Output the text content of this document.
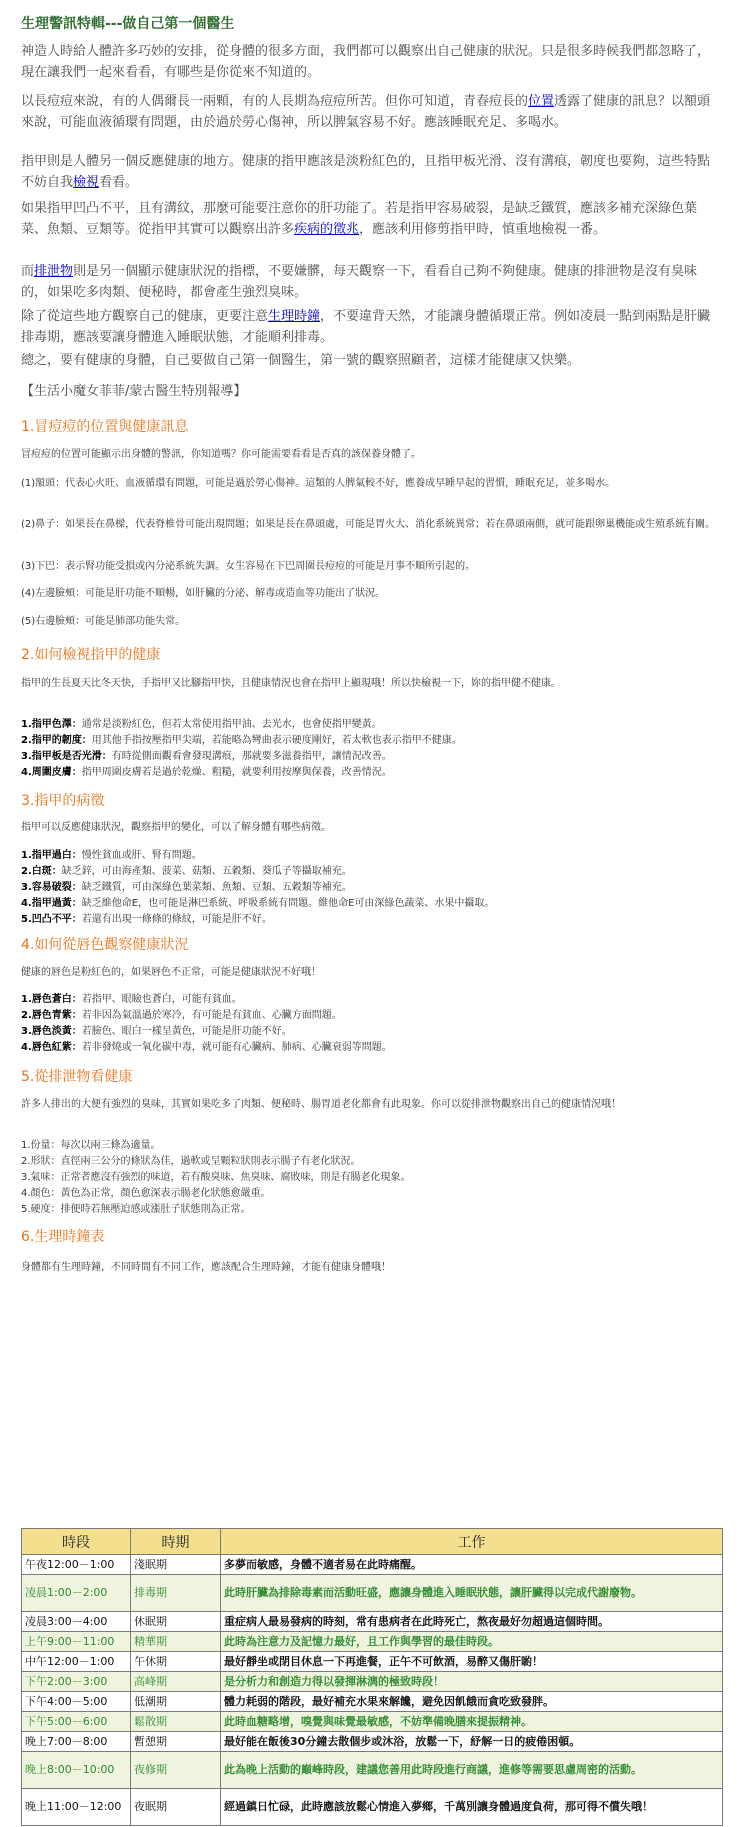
生理警訊特輯---做自己第一個醫生

神造人時給人體許多巧妙的安排，從身體的很多方面，我們都可以觀察出自己健康的狀況。只是很多時候我們都忽略了，現在讓我們一起來看看，有哪些是你從來不知道的。

以長痘痘來說，有的人偶爾長一兩顆，有的人長期為痘痘所苦。但你可知道，青春痘長的位置透露了健康的訊息？以額頭來說，可能血液循環有問題，由於過於勞心傷神，所以脾氣容易不好。應該睡眠充足、多喝水。

指甲則是人體另一個反應健康的地方。健康的指甲應該是淡粉紅色的，且指甲板光滑、沒有溝痕，韌度也要夠，這些特點不妨自我檢視看看。

如果指甲凹凸不平，且有溝紋，那麼可能要注意你的肝功能了。若是指甲容易破裂，是缺乏鐵質，應該多補充深綠色葉菜、魚類、豆類等。從指甲其實可以觀察出許多疾病的徵兆，應該利用修剪指甲時，慎重地檢視一番。

而排泄物則是另一個顯示健康狀況的指標，不要嫌髒，每天觀察一下，看看自己夠不夠健康。健康的排泄物是沒有臭味的，如果吃多肉類、便秘時，都會產生強烈臭味。

除了從這些地方觀察自己的健康，更要注意生理時鐘，不要違背天然，才能讓身體循環正常。例如凌晨一點到兩點是肝臟排毒期，應該要讓身體進入睡眠狀態，才能順利排毒。

總之，要有健康的身體，自己要做自己第一個醫生，第一號的觀察照顧者，這樣才能健康又快樂。

【生活小魔女菲菲/蒙古醫生特別報導】

1.冒痘痘的位置與健康訊息

冒痘痘的位置可能顯示出身體的警訊，你知道嗎？你可能需要看看是否真的該保養身體了。

(1)額頭：代表心火旺、血液循環有問題，可能是過於勞心傷神。這類的人脾氣較不好，應養成早睡早起的習慣，睡眠充足，並多喝水。

(2)鼻子：如果長在鼻樑，代表脊椎骨可能出現問題；如果是長在鼻頭處，可能是胃火大、消化系統異常；若在鼻頭兩側，就可能跟卵巢機能或生殖系統有關。

(3)下巴：表示腎功能受損或內分泌系統失調。女生容易在下巴周圍長痘痘的可能是月事不順所引起的。

(4)左邊臉頰：可能是肝功能不順暢，如肝臟的分泌、解毒或造血等功能出了狀況。

(5)右邊臉頰：可能是肺部功能失常。

2.如何檢視指甲的健康

指甲的生長夏天比冬天快，手指甲又比腳指甲快，且健康情況也會在指甲上顯現哦！所以快檢視一下，妳的指甲健不健康。

1.指甲色澤：通常是淡粉紅色，但若太常使用指甲油、去光水，也會使指甲變黃。
2.指甲的韌度：用其他手指按壓指甲尖端，若能略為彎曲表示硬度剛好，若太軟也表示指甲不健康。
3.指甲板是否光滑：有時從側面觀看會發現溝痕，那就要多滋養指甲，讓情況改善。
4.周圍皮膚：指甲周圍皮膚若是過於乾燥、粗糙，就要利用按摩與保養，改善情況。

3.指甲的病徵

指甲可以反應健康狀況，觀察指甲的變化，可以了解身體有哪些病徵。

1.指甲過白：慢性貧血或肝、腎有問題。
2.白斑：缺乏鋅，可由海產類、菠菜、菇類、五穀類、葵瓜子等攝取補充。
3.容易破裂：缺乏鐵質，可由深綠色葉菜類、魚類、豆類、五穀類等補充。
4.指甲過黃：缺乏維他命E，也可能是淋巴系統、呼吸系統有問題。維他命E可由深綠色蔬菜、水果中攝取。
5.凹凸不平：若還有出現一條條的條紋，可能是肝不好。

4.如何從唇色觀察健康狀況

健康的唇色是粉紅色的，如果唇色不正常，可能是健康狀況不好哦！

1.唇色蒼白：若指甲、眼瞼也蒼白，可能有貧血。
2.唇色青紫：若非因為氣溫過於寒冷，有可能是有貧血、心臟方面問題。
3.唇色淡黃：若臉色、眼白一樣呈黃色，可能是肝功能不好。
4.唇色紅紫：若非發燒或一氧化碳中毒，就可能有心臟病、肺病、心臟衰弱等問題。

5.從排泄物看健康

許多人排出的大便有強烈的臭味，其實如果吃多了肉類、便秘時、腸胃道老化都會有此現象。你可以從排泄物觀察出自己的健康情況哦！

1.份量：每次以兩三條為適量。
2.形狀：直徑兩三公分的條狀為佳，過軟或呈顆粒狀則表示腸子有老化狀況。
3.氣味：正常者應沒有強烈的味道，若有酸臭味、焦臭味、腐敗味，則是有腸老化現象。
4.顏色：黃色為正常，顏色愈深表示腸老化狀態愈嚴重。
5.硬度：排便時若無壓迫感或漲肚子狀態則為正常。

6.生理時鐘表

身體都有生理時鐘，不同時間有不同工作，應該配合生理時鐘，才能有健康身體哦！

時段	時期	工作
午夜12:00－1:00	淺眠期	多夢而敏感，身體不適者易在此時痛醒。
凌晨1:00－2:00	排毒期	此時肝臟為排除毒素而活動旺盛，應讓身體進入睡眠狀態，讓肝臟得以完成代謝廢物。
凌晨3:00－4:00	休眠期	重症病人最易發病的時刻，常有患病者在此時死亡，熬夜最好勿超過這個時間。
上午9:00－11:00	精華期	此時為注意力及記憶力最好，且工作與學習的最佳時段。
中午12:00－1:00	午休期	最好靜坐或閉目休息一下再進餐，正午不可飲酒，易醉又傷肝喲！
下午2:00－3:00	高峰期	是分析力和創造力得以發揮淋漓的極致時段！
下午4:00－5:00	低潮期	體力耗弱的階段，最好補充水果來解饞，避免因飢餓而貪吃致發胖。
下午5:00－6:00	鬆散期	此時血糖略增，嗅覺與味覺最敏感，不妨準備晚膳來提振精神。
晚上7:00－8:00	暫憩期	最好能在飯後30分鐘去散個步或沐浴，放鬆一下，紓解一日的疲倦困頓。
晚上8:00－10:00	夜修期	此為晚上活動的巔峰時段，建議您善用此時段進行商議，進修等需要思慮周密的活動。
晚上11:00－12:00	夜眠期	經過鎮日忙碌，此時應該放鬆心情進入夢鄉，千萬別讓身體過度負荷，那可得不償失哦！
